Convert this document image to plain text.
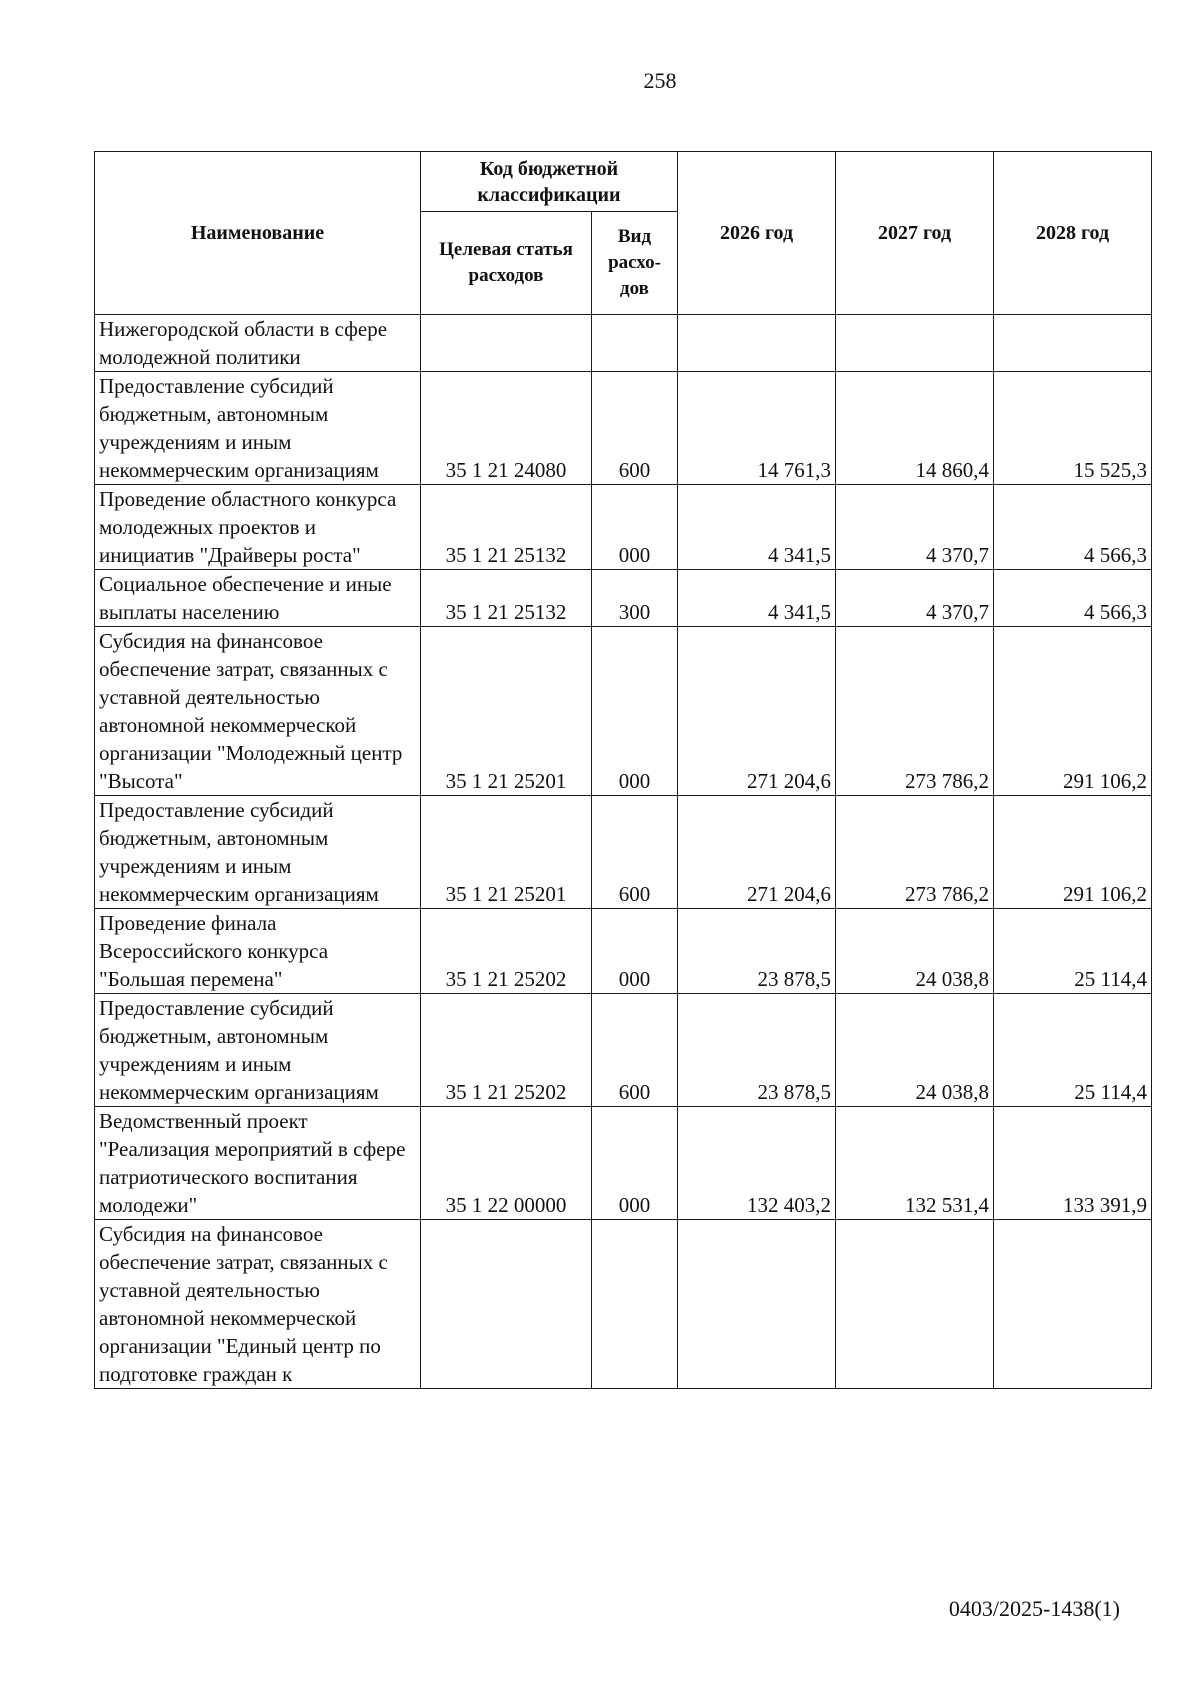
258
Наименование	Код бюджетной классификации		2026 год	2027 год	2028 год
	Целевая статья расходов	Вид расхо-дов			
Нижегородской области в сфере молодежной политики					
Предоставление субсидий бюджетным, автономным учреждениям и иным некоммерческим организациям	35 1 21 24080	600	14 761,3	14 860,4	15 525,3
Проведение областного конкурса молодежных проектов и инициатив "Драйверы роста"	35 1 21 25132	000	4 341,5	4 370,7	4 566,3
Социальное обеспечение и иные выплаты населению	35 1 21 25132	300	4 341,5	4 370,7	4 566,3
Субсидия на финансовое обеспечение затрат, связанных с уставной деятельностью автономной некоммерческой организации "Молодежный центр "Высота"	35 1 21 25201	000	271 204,6	273 786,2	291 106,2
Предоставление субсидий бюджетным, автономным учреждениям и иным некоммерческим организациям	35 1 21 25201	600	271 204,6	273 786,2	291 106,2
Проведение финала Всероссийского конкурса "Большая перемена"	35 1 21 25202	000	23 878,5	24 038,8	25 114,4
Предоставление субсидий бюджетным, автономным учреждениям и иным некоммерческим организациям	35 1 21 25202	600	23 878,5	24 038,8	25 114,4
Ведомственный проект "Реализация мероприятий в сфере патриотического воспитания молодежи"	35 1 22 00000	000	132 403,2	132 531,4	133 391,9
Субсидия на финансовое обеспечение затрат, связанных с уставной деятельностью автономной некоммерческой организации "Единый центр по подготовке граждан к					
0403/2025-1438(1)
